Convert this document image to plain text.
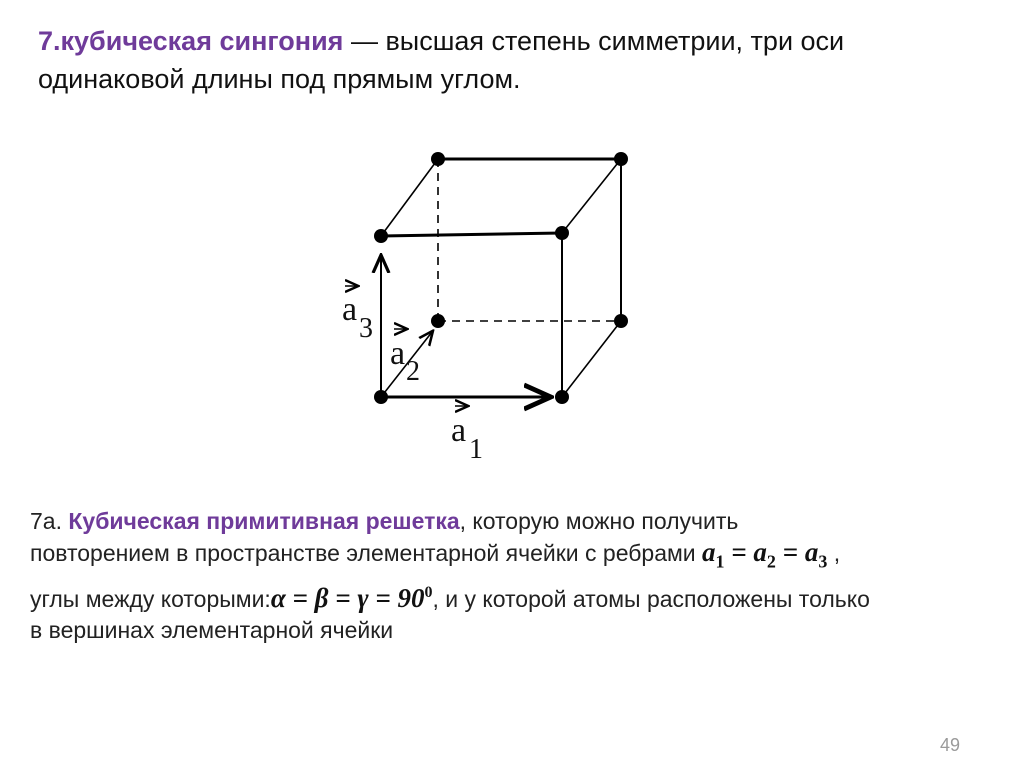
7.кубическая сингония — высшая степень симметрии, три оси одинаковой длины под прямым углом.
a
3
a 2
a
1
7а. Кубическая примитивная решетка, которую можно получить
повторением в пространстве элементарной ячейки с ребрами $a_1 = a_2 = a_3$ ,
углы между которыми:α = $\beta = \gamma = 90^0$, и у которой атомы расположены только
в вершинах элементарной ячейки
49
